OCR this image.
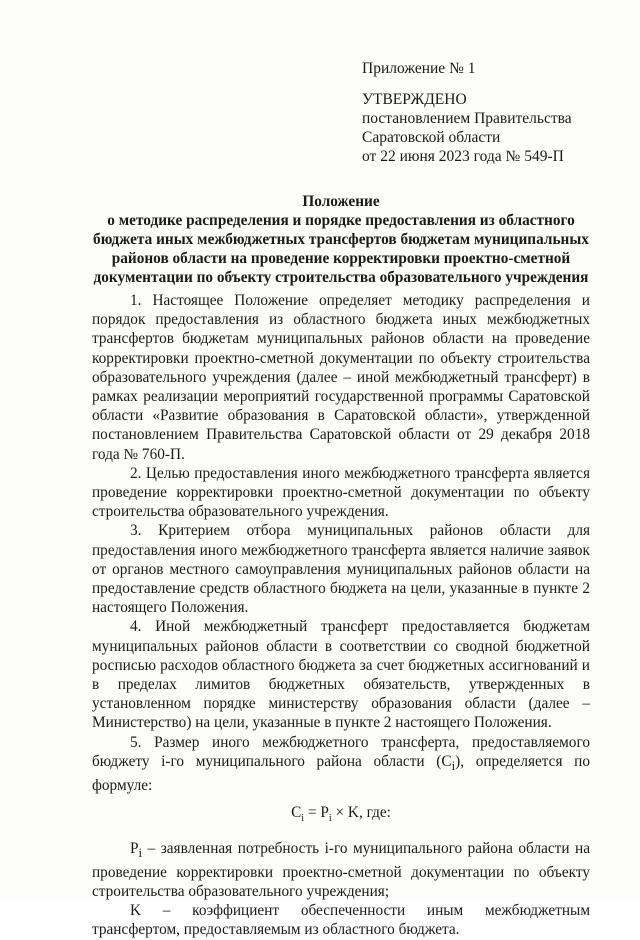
Приложение № 1
УТВЕРЖДЕНО
постановлением Правительства
Саратовской области
от 22 июня 2023 года № 549-П
Положение
о методике распределения и порядке предоставления из областного бюджета иных межбюджетных трансфертов бюджетам муниципальных районов области на проведение корректировки проектно-сметной документации по объекту строительства образовательного учреждения

1. Настоящее Положение определяет методику распределения и порядок предоставления из областного бюджета иных межбюджетных трансфертов бюджетам муниципальных районов области на проведение корректировки проектно-сметной документации по объекту строительства образовательного учреждения (далее – иной межбюджетный трансферт) в рамках реализации мероприятий государственной программы Саратовской области «Развитие образования в Саратовской области», утвержденной постановлением Правительства Саратовской области от 29 декабря 2018 года № 760-П.

2. Целью предоставления иного межбюджетного трансферта является проведение корректировки проектно-сметной документации по объекту строительства образовательного учреждения.

3. Критерием отбора муниципальных районов области для предоставления иного межбюджетного трансферта является наличие заявок от органов местного самоуправления муниципальных районов области на предоставление средств областного бюджета на цели, указанные в пункте 2 настоящего Положения.

4. Иной межбюджетный трансферт предоставляется бюджетам муниципальных районов области в соответствии со сводной бюджетной росписью расходов областного бюджета за счет бюджетных ассигнований и в пределах лимитов бюджетных обязательств, утвержденных в установленном порядке министерству образования области (далее – Министерство) на цели, указанные в пункте 2 настоящего Положения.

5. Размер иного межбюджетного трансферта, предоставляемого бюджету i-го муниципального района области $(C_i)$, определяется по формуле:

$C_i = P_i \times K$, где:

$P_i$ – заявленная потребность i-го муниципального района области на проведение корректировки проектно-сметной документации по объекту строительства образовательного учреждения;

K – коэффициент обеспеченности иным межбюджетным трансфертом, предоставляемым из областного бюджета.
